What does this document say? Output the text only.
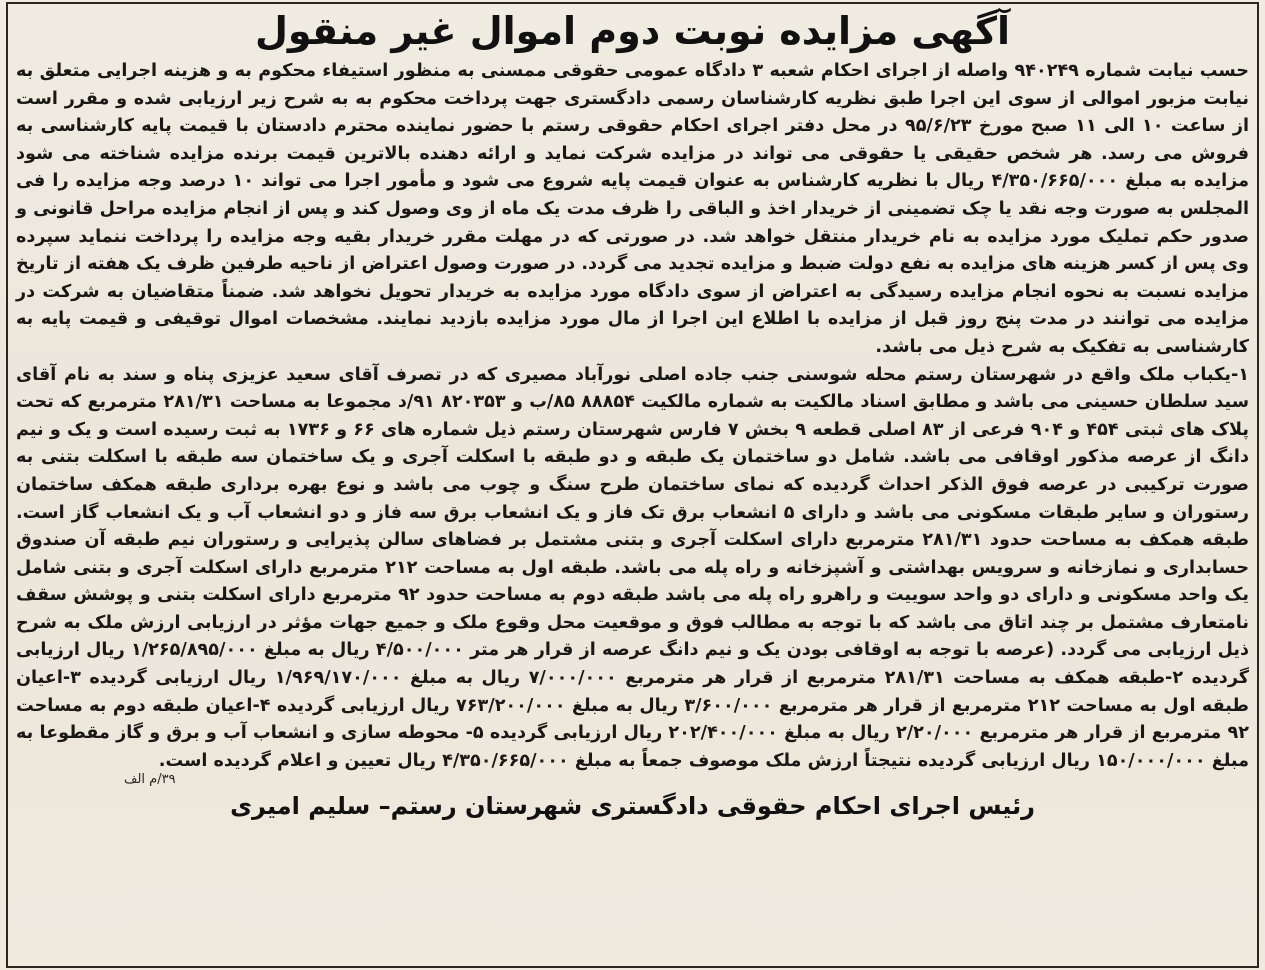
آگهی مزایده نوبت دوم اموال غیر منقول

حسب نیابت شماره ۹۴۰۲۴۹ واصله از اجرای احکام شعبه ۳ دادگاه عمومی حقوقی ممسنی به منظور استیفاء محکوم به و هزینه اجرایی متعلق به نیابت مزبور اموالی از سوی این اجرا طبق نظریه کارشناسان رسمی دادگستری جهت پرداخت محکوم به به شرح زیر ارزیابی شده و مقرر است از ساعت ۱۰ الی ۱۱ صبح مورخ ۹۵/۶/۲۳ در محل دفتر اجرای احکام حقوقی رستم با حضور نماینده محترم دادستان با قیمت پایه کارشناسی به فروش می رسد. هر شخص حقیقی یا حقوقی می تواند در مزایده شرکت نماید و ارائه دهنده بالاترین قیمت برنده مزایده شناخته می شود مزایده به مبلغ ۴/۳۵۰/۶۶۵/۰۰۰ ریال با نظریه کارشناس به عنوان قیمت پایه شروع می شود و مأمور اجرا می تواند ۱۰ درصد وجه مزایده را فی المجلس به صورت وجه نقد یا چک تضمینی از خریدار اخذ و الباقی را ظرف مدت یک ماه از وی وصول کند و پس از انجام مزایده مراحل قانونی و صدور حکم تملیک مورد مزایده به نام خریدار منتقل خواهد شد. در صورتی که در مهلت مقرر خریدار بقیه وجه مزایده را پرداخت ننماید سپرده وی پس از کسر هزینه های مزایده به نفع دولت ضبط و مزایده تجدید می گردد. در صورت وصول اعتراض از ناحیه طرفین ظرف یک هفته از تاریخ مزایده نسبت به نحوه انجام مزایده رسیدگی به اعتراض از سوی دادگاه مورد مزایده به خریدار تحویل نخواهد شد. ضمناً متقاضیان به شرکت در مزایده می توانند در مدت پنج روز قبل از مزایده با اطلاع این اجرا از مال مورد مزایده بازدید نمایند. مشخصات اموال توقیفی و قیمت پایه به کارشناسی به تفکیک به شرح ذیل می باشد.

۱-یکباب ملک واقع در شهرستان رستم محله شوسنی جنب جاده اصلی نورآباد مصیری که در تصرف آقای سعید عزیزی پناه و سند به نام آقای سید سلطان حسینی می باشد و مطابق اسناد مالکیت به شماره مالکیت ۸۸۸۵۴ ۸۵/ب و ۸۲۰۳۵۳ ۹۱/د مجموعا به مساحت ۲۸۱/۳۱ مترمربع که تحت پلاک های ثبتی ۴۵۴ و ۹۰۴ فرعی از ۸۳ اصلی قطعه ۹ بخش ۷ فارس شهرستان رستم ذیل شماره های ۶۶ و ۱۷۳۶ به ثبت رسیده است و یک و نیم دانگ از عرصه مذکور اوقافی می باشد. شامل دو ساختمان یک طبقه و دو طبقه با اسکلت آجری و یک ساختمان سه طبقه با اسکلت بتنی به صورت ترکیبی در عرصه فوق الذکر احداث گردیده که نمای ساختمان طرح سنگ و چوب می باشد و نوع بهره برداری طبقه همکف ساختمان رستوران و سایر طبقات مسکونی می باشد و دارای ۵ انشعاب برق تک فاز و یک انشعاب برق سه فاز و دو انشعاب آب و یک انشعاب گاز است. طبقه همکف به مساحت حدود ۲۸۱/۳۱ مترمربع دارای اسکلت آجری و بتنی مشتمل بر فضاهای سالن پذیرایی و رستوران نیم طبقه آن صندوق حسابداری و نمازخانه و سرویس بهداشتی و آشپزخانه و راه پله می باشد. طبقه اول به مساحت ۲۱۲ مترمربع دارای اسکلت آجری و بتنی شامل یک واحد مسکونی و دارای دو واحد سوییت و راهرو راه پله می باشد طبقه دوم به مساحت حدود ۹۲ مترمربع دارای اسکلت بتنی و پوشش سقف نامتعارف مشتمل بر چند اتاق می باشد که با توجه به مطالب فوق و موقعیت محل وقوع ملک و جمیع جهات مؤثر در ارزیابی ارزش ملک به شرح ذیل ارزیابی می گردد. (عرصه با توجه به اوقافی بودن یک و نیم دانگ عرصه از قرار هر متر ۴/۵۰۰/۰۰۰ ریال به مبلغ ۱/۲۶۵/۸۹۵/۰۰۰ ریال ارزیابی گردیده ۲-طبقه همکف به مساحت ۲۸۱/۳۱ مترمربع از قرار هر مترمربع ۷/۰۰۰/۰۰۰ ریال به مبلغ ۱/۹۶۹/۱۷۰/۰۰۰ ریال ارزیابی گردیده ۳-اعیان طبقه اول به مساحت ۲۱۲ مترمربع از قرار هر مترمربع ۳/۶۰۰/۰۰۰ ریال به مبلغ ۷۶۳/۲۰۰/۰۰۰ ریال ارزیابی گردیده ۴-اعیان طبقه دوم به مساحت ۹۲ مترمربع از قرار هر مترمربع ۲/۲۰/۰۰۰ ریال به مبلغ ۲۰۲/۴۰۰/۰۰۰ ریال ارزیابی گردیده ۵- محوطه سازی و انشعاب آب و برق و گاز مقطوعا به مبلغ ۱۵۰/۰۰۰/۰۰۰ ریال ارزیابی گردیده نتیجتاً ارزش ملک موصوف جمعاً به مبلغ ۴/۳۵۰/۶۶۵/۰۰۰ ریال تعیین و اعلام گردیده است.

۳۹/م الف
رئیس اجرای احکام حقوقی دادگستری شهرستان رستم– سلیم امیری
